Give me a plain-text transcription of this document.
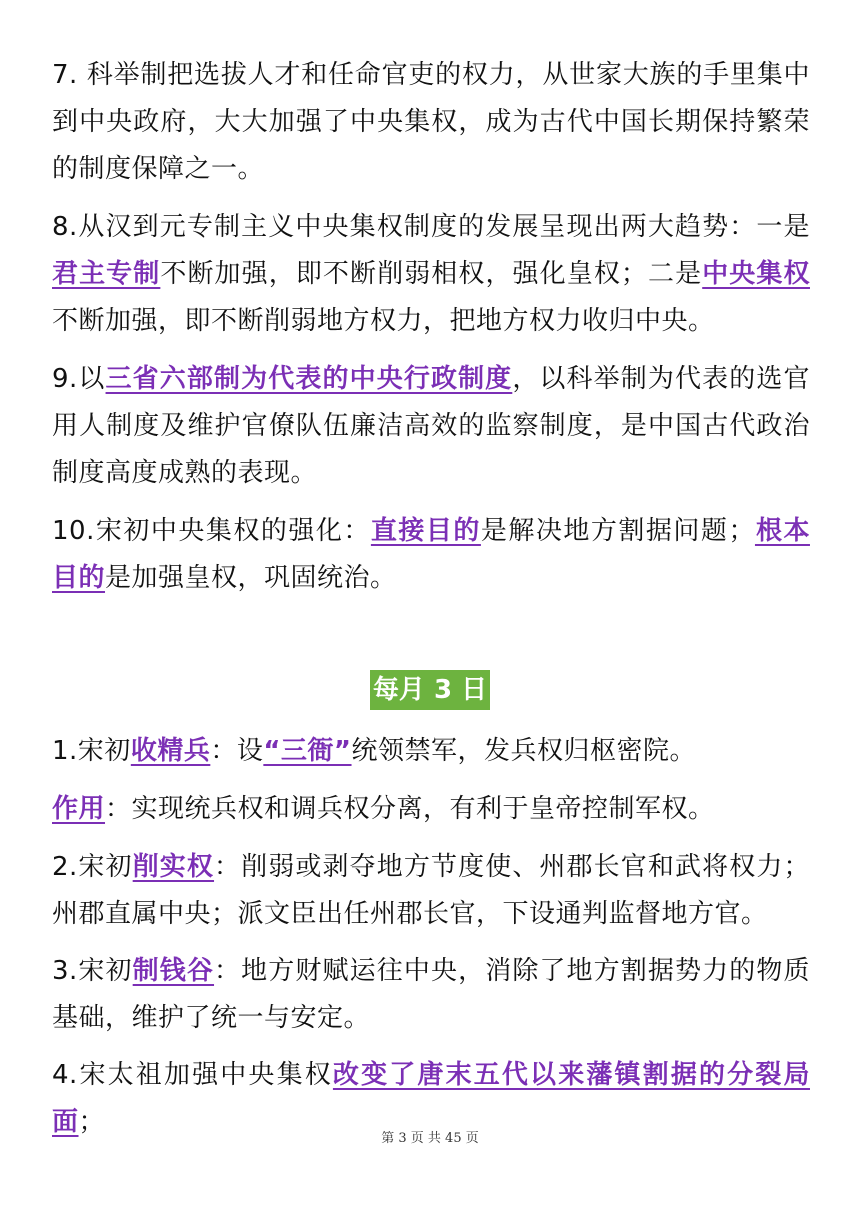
7. 科举制把选拔人才和任命官吏的权力，从世家大族的手里集中到中央政府，大大加强了中央集权，成为古代中国长期保持繁荣的制度保障之一。

8.从汉到元专制主义中央集权制度的发展呈现出两大趋势：一是君主专制不断加强，即不断削弱相权，强化皇权；二是中央集权不断加强，即不断削弱地方权力，把地方权力收归中央。

9.以三省六部制为代表的中央行政制度，以科举制为代表的选官用人制度及维护官僚队伍廉洁高效的监察制度，是中国古代政治制度高度成熟的表现。

10.宋初中央集权的强化：直接目的是解决地方割据问题；根本目的是加强皇权，巩固统治。

每月 3 日

1.宋初收精兵：设“三衙”统领禁军，发兵权归枢密院。

作用：实现统兵权和调兵权分离，有利于皇帝控制军权。

2.宋初削实权：削弱或剥夺地方节度使、州郡长官和武将权力；州郡直属中央；派文臣出任州郡长官，下设通判监督地方官。

3.宋初制钱谷：地方财赋运往中央，消除了地方割据势力的物质基础，维护了统一与安定。

4.宋太祖加强中央集权改变了唐末五代以来藩镇割据的分裂局面；

第 3 页 共 45 页
